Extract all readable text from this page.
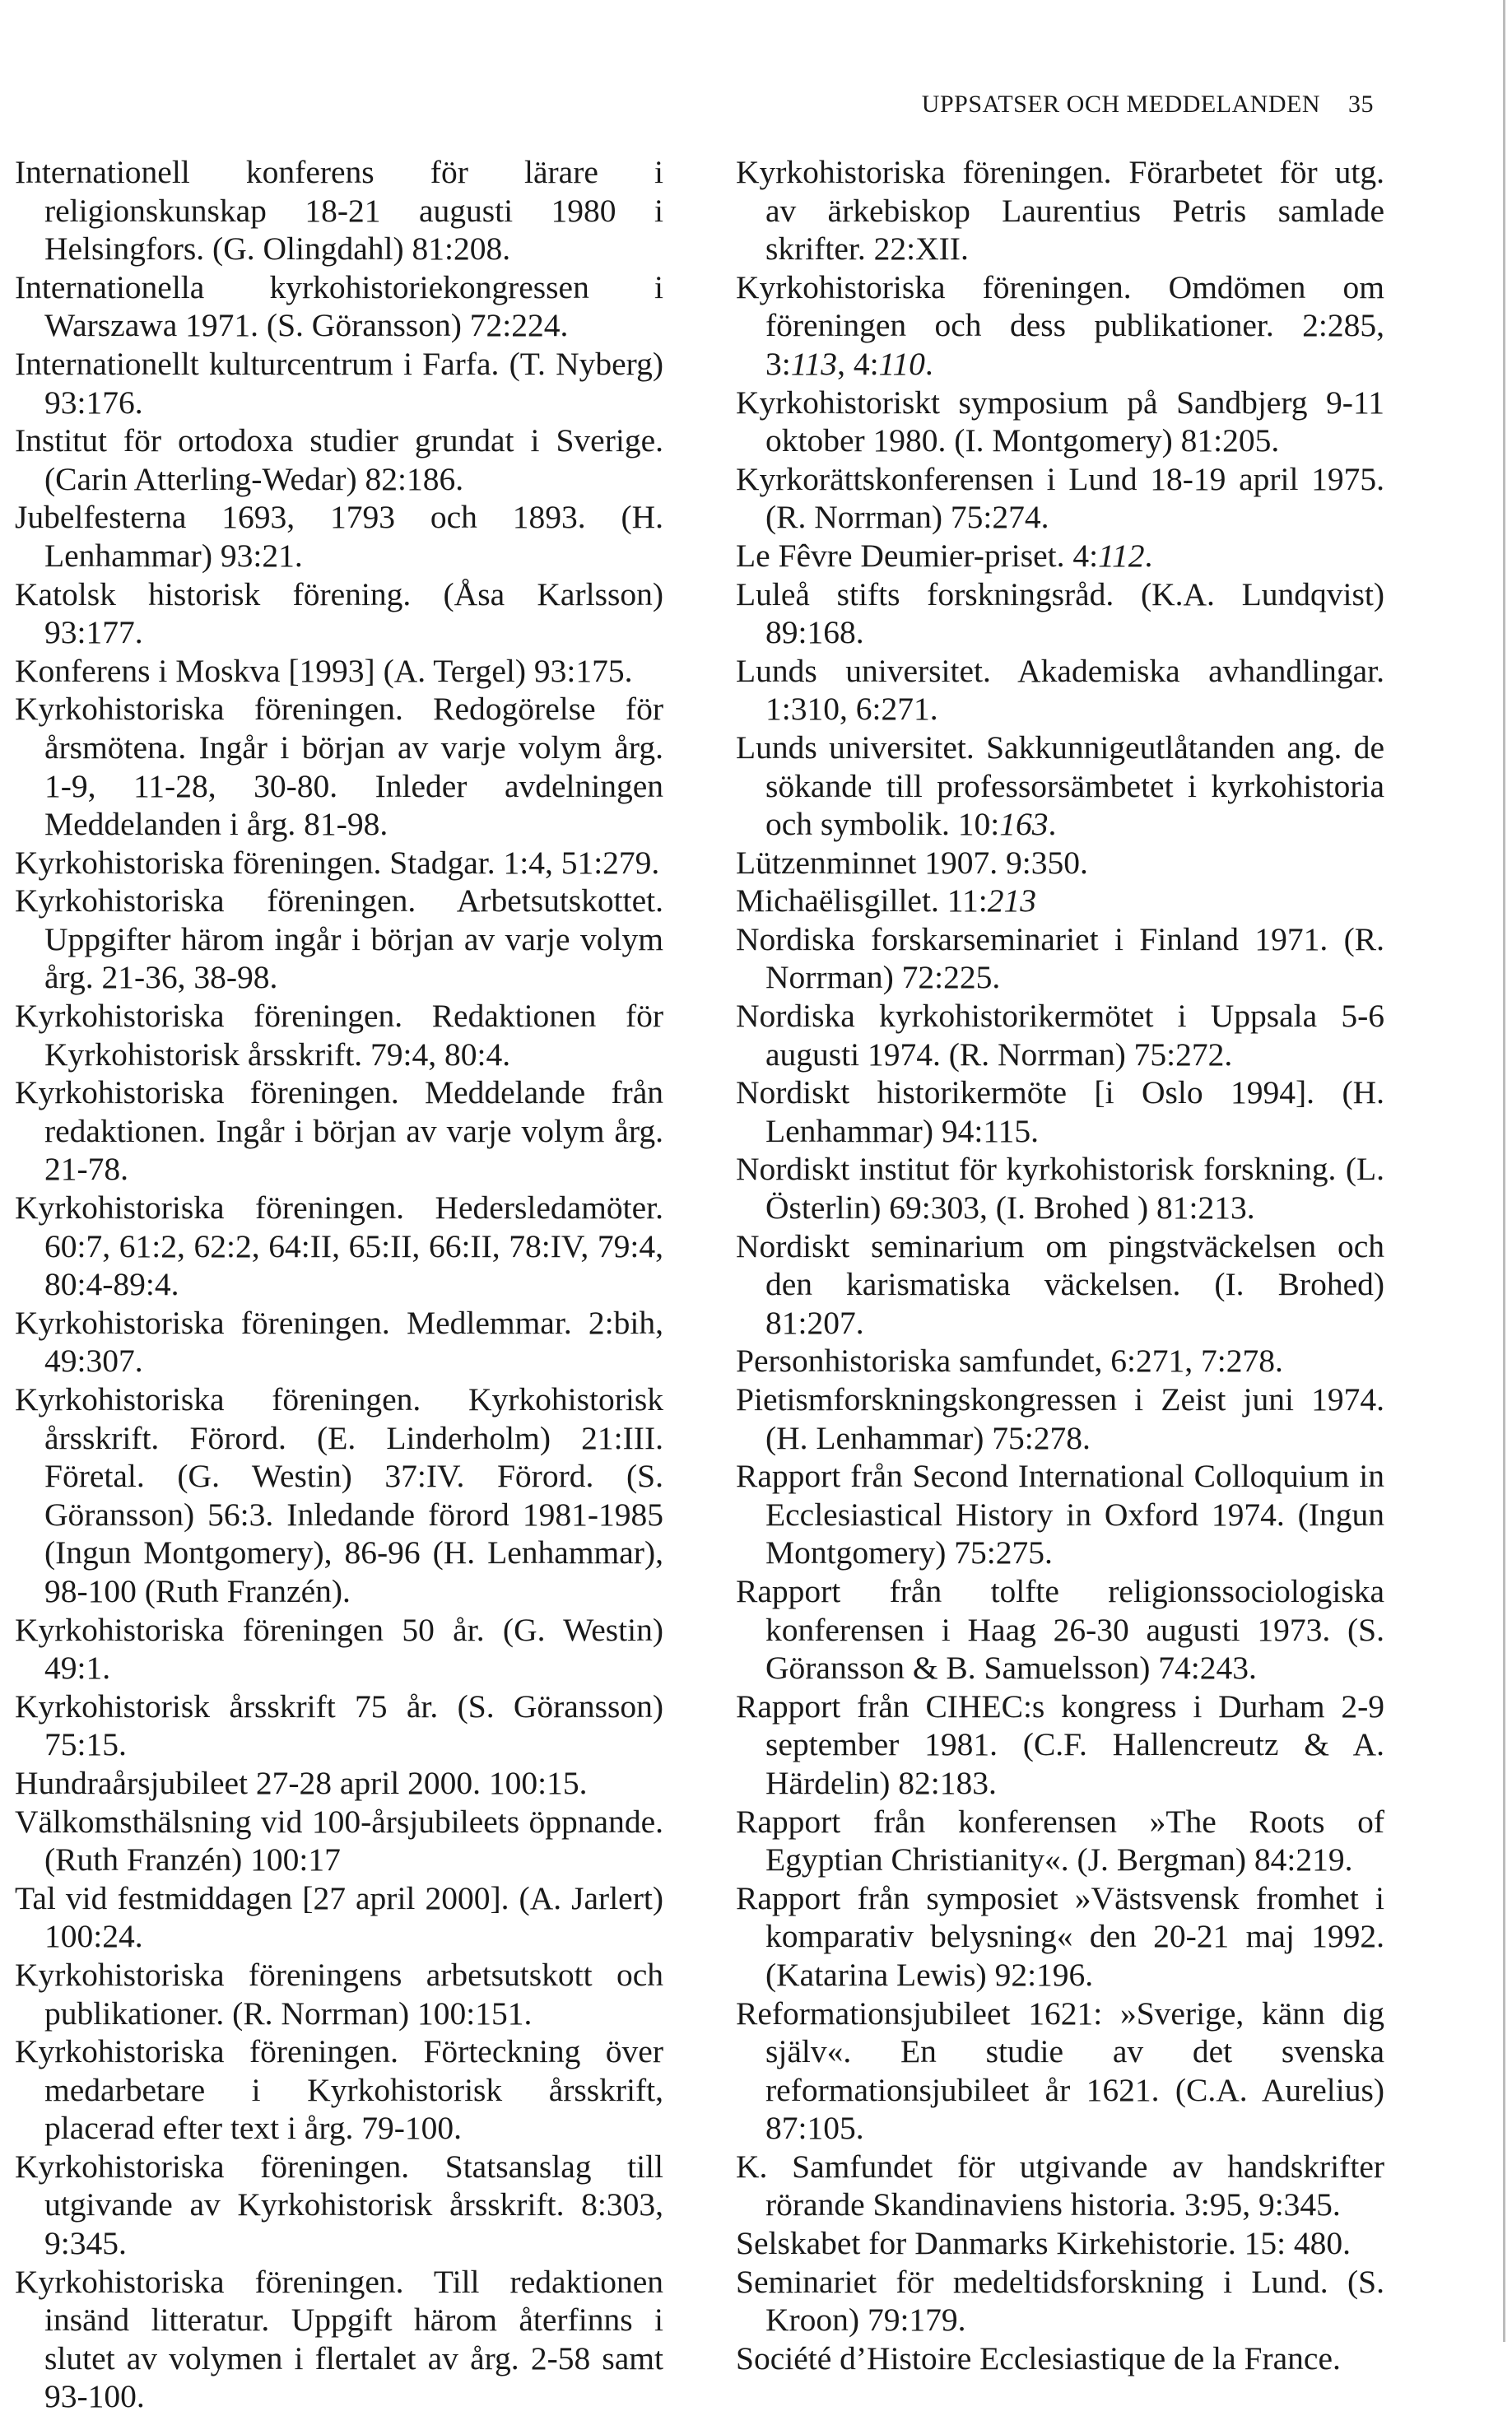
UPPSATSER OCH MEDDELANDEN 35

Internationell konferens för lärare i religionskunskap 18-21 augusti 1980 i Helsingfors. (G. Olingdahl) 81:208.

Internationella kyrkohistoriekongressen i Warszawa 1971. (S. Göransson) 72:224.

Internationellt kulturcentrum i Farfa. (T. Nyberg) 93:176.

Institut för ortodoxa studier grundat i Sverige. (Carin Atterling-Wedar) 82:186.

Jubelfesterna 1693, 1793 och 1893. (H. Lenhammar) 93:21.

Katolsk historisk förening. (Åsa Karlsson) 93:177.

Konferens i Moskva [1993] (A. Tergel) 93:175.

Kyrkohistoriska föreningen. Redogörelse för årsmötena. Ingår i början av varje volym årg. 1-9, 11-28, 30-80. Inleder avdelningen Meddelanden i årg. 81-98.

Kyrkohistoriska föreningen. Stadgar. 1:4, 51:279.

Kyrkohistoriska föreningen. Arbetsutskottet. Uppgifter härom ingår i början av varje volym årg. 21-36, 38-98.

Kyrkohistoriska föreningen. Redaktionen för Kyrkohistorisk årsskrift. 79:4, 80:4.

Kyrkohistoriska föreningen. Meddelande från redaktionen. Ingår i början av varje volym årg. 21-78.

Kyrkohistoriska föreningen. Hedersledamöter. 60:7, 61:2, 62:2, 64:II, 65:II, 66:II, 78:IV, 79:4, 80:4-89:4.

Kyrkohistoriska föreningen. Medlemmar. 2:bih, 49:307.

Kyrkohistoriska föreningen. Kyrkohistorisk årsskrift. Förord. (E. Linderholm) 21:III. Företal. (G. Westin) 37:IV. Förord. (S. Göransson) 56:3. Inledande förord 1981-1985 (Ingun Montgomery), 86-96 (H. Lenhammar), 98-100 (Ruth Franzén).

Kyrkohistoriska föreningen 50 år. (G. Westin) 49:1.

Kyrkohistorisk årsskrift 75 år. (S. Göransson) 75:15.

Hundraårsjubileet 27-28 april 2000. 100:15.

Välkomsthälsning vid 100-årsjubileets öppnande. (Ruth Franzén) 100:17

Tal vid festmiddagen [27 april 2000]. (A. Jarlert) 100:24.

Kyrkohistoriska föreningens arbetsutskott och publikationer. (R. Norrman) 100:151.

Kyrkohistoriska föreningen. Förteckning över medarbetare i Kyrkohistorisk årsskrift, placerad efter text i årg. 79-100.

Kyrkohistoriska föreningen. Statsanslag till utgivande av Kyrkohistorisk årsskrift. 8:303, 9:345.

Kyrkohistoriska föreningen. Till redaktionen insänd litteratur. Uppgift härom återfinns i slutet av volymen i flertalet av årg. 2-58 samt 93-100.

Kyrkohistoriska föreningen. Förarbetet för utg. av ärkebiskop Laurentius Petris samlade skrifter. 22:XII.

Kyrkohistoriska föreningen. Omdömen om föreningen och dess publikationer. 2:285, 3:113, 4:110.

Kyrkohistoriskt symposium på Sandbjerg 9-11 oktober 1980. (I. Montgomery) 81:205.

Kyrkorättskonferensen i Lund 18-19 april 1975. (R. Norrman) 75:274.

Le Fêvre Deumier-priset. 4:112.

Luleå stifts forskningsråd. (K.A. Lundqvist) 89:168.

Lunds universitet. Akademiska avhandlingar. 1:310, 6:271.

Lunds universitet. Sakkunnigeutlåtanden ang. de sökande till professorsämbetet i kyrkohistoria och symbolik. 10:163.

Lützenminnet 1907. 9:350.

Michaëlisgillet. 11:213

Nordiska forskarseminariet i Finland 1971. (R. Norrman) 72:225.

Nordiska kyrkohistorikermötet i Uppsala 5-6 augusti 1974. (R. Norrman) 75:272.

Nordiskt historikermöte [i Oslo 1994]. (H. Lenhammar) 94:115.

Nordiskt institut för kyrkohistorisk forskning. (L. Österlin) 69:303, (I. Brohed ) 81:213.

Nordiskt seminarium om pingstväckelsen och den karismatiska väckelsen. (I. Brohed) 81:207.

Personhistoriska samfundet, 6:271, 7:278.

Pietismforskningskongressen i Zeist juni 1974. (H. Lenhammar) 75:278.

Rapport från Second International Colloquium in Ecclesiastical History in Oxford 1974. (Ingun Montgomery) 75:275.

Rapport från tolfte religionssociologiska konferensen i Haag 26-30 augusti 1973. (S. Göransson & B. Samuelsson) 74:243.

Rapport från CIHEC:s kongress i Durham 2-9 september 1981. (C.F. Hallencreutz & A. Härdelin) 82:183.

Rapport från konferensen »The Roots of Egyptian Christianity«. (J. Bergman) 84:219.

Rapport från symposiet »Västsvensk fromhet i komparativ belysning« den 20-21 maj 1992. (Katarina Lewis) 92:196.

Reformationsjubileet 1621: »Sverige, känn dig själv«. En studie av det svenska reformationsjubileet år 1621. (C.A. Aurelius) 87:105.

K. Samfundet för utgivande av handskrifter rörande Skandinaviens historia. 3:95, 9:345.

Selskabet for Danmarks Kirkehistorie. 15: 480.

Seminariet för medeltidsforskning i Lund. (S. Kroon) 79:179.

Société d’Histoire Ecclesiastique de la France.
